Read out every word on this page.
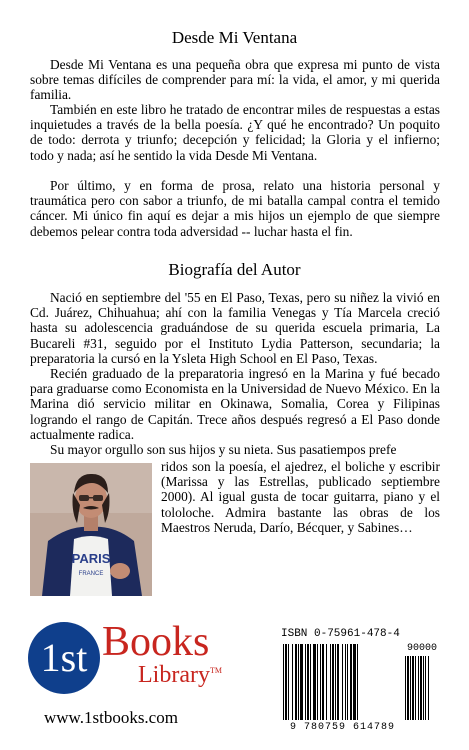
Desde Mi Ventana

Desde Mi Ventana es una pequeña obra que expresa mi punto de vista sobre temas difíciles de comprender para mí: la vida, el amor, y mi querida familia.

También en este libro he tratado de encontrar miles de respuestas a estas inquietudes a través de la bella poesía. ¿Y qué he encontrado? Un poquito de todo: derrota y triunfo; decepción y felicidad; la Gloria y el infierno; todo y nada; así he sentido la vida Desde Mi Ventana.

Por último, y en forma de prosa, relato una historia personal y traumática pero con sabor a triunfo, de mi batalla campal contra el temido cáncer. Mi único fin aquí es dejar a mis hijos un ejemplo de que siempre debemos pelear contra toda adversidad -- luchar hasta el fin.

Biografía del Autor

Nació en septiembre del '55 en El Paso, Texas, pero su niñez la vivió en Cd. Juárez, Chihuahua; ahí con la familia Venegas y Tía Marcela creció hasta su adolescencia graduándose de su querida escuela primaria, La Bucareli #31, seguido por el Instituto Lydia Patterson, secundaria; la preparatoria la cursó en la Ysleta High School en El Paso, Texas.

Recién graduado de la preparatoria ingresó en la Marina y fué becado para graduarse como Economista en la Universidad de Nuevo México. En la Marina dió servicio militar en Okinawa, Somalia, Corea y Filipinas logrando el rango de Capitán. Trece años después regresó a El Paso donde actualmente radica.

Su mayor orgullo son sus hijos y su nieta. Sus pasatiempos prefe

ridos son la poesía, el ajedrez, el boliche y escribir (Marissa y las Estrellas, publicado septiembre 2000). Al igual gusta de tocar guitarra, piano y el tololoche. Admira bastante las obras de los Maestros Neruda, Darío, Bécquer, y Sabines…

PARIS
FRANCE
1st Books
Library™
www.1stbooks.com
ISBN 0-75961-478-4
90000
9 780759 614789
